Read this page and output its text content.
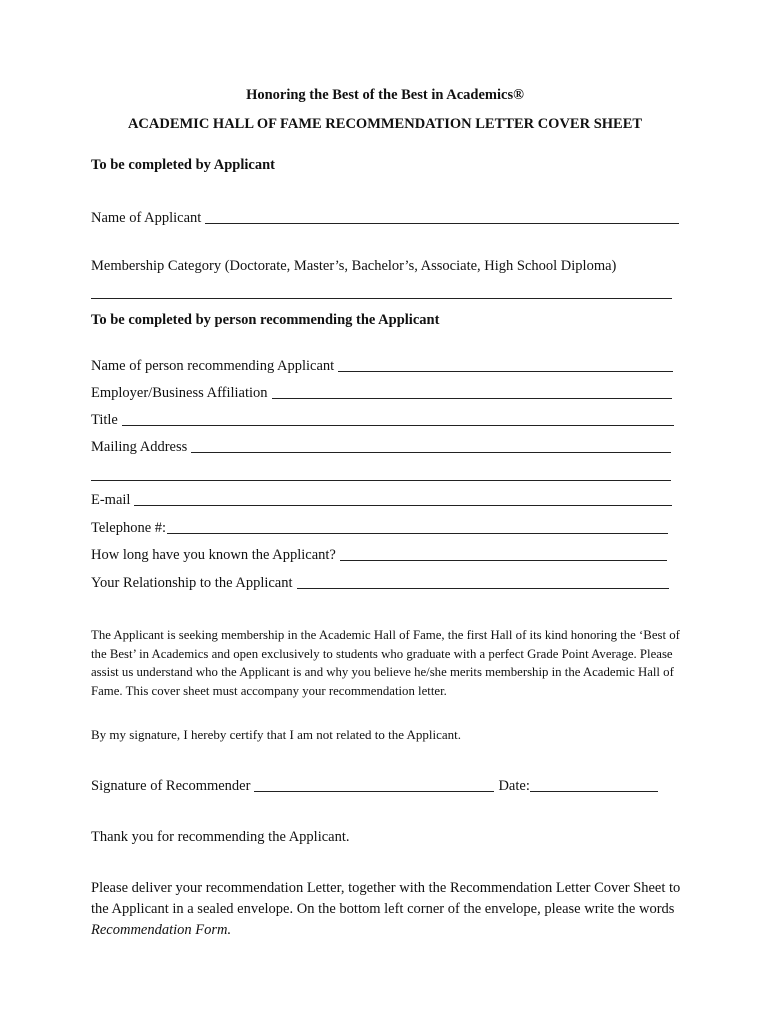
Honoring the Best of the Best in Academics®
ACADEMIC HALL OF FAME RECOMMENDATION LETTER COVER SHEET
To be completed by Applicant
Name of Applicant
Membership Category (Doctorate, Master’s, Bachelor’s, Associate, High School Diploma)
To be completed by person recommending the Applicant
Name of person recommending Applicant
Employer/Business Affiliation
Title
Mailing Address
E-mail
Telephone #:
How long have you known the Applicant?
Your Relationship to the Applicant
The Applicant is seeking membership in the Academic Hall of Fame, the first Hall of its kind honoring the ‘Best of the Best’ in Academics and open exclusively to students who graduate with a perfect Grade Point Average. Please assist us understand who the Applicant is and why you believe he/she merits membership in the Academic Hall of Fame. This cover sheet must accompany your recommendation letter.
By my signature, I hereby certify that I am not related to the Applicant.
Signature of Recommender	Date:
Thank you for recommending the Applicant.
Please deliver your recommendation Letter, together with the Recommendation Letter Cover Sheet to the Applicant in a sealed envelope. On the bottom left corner of the envelope, please write the words Recommendation Form.
